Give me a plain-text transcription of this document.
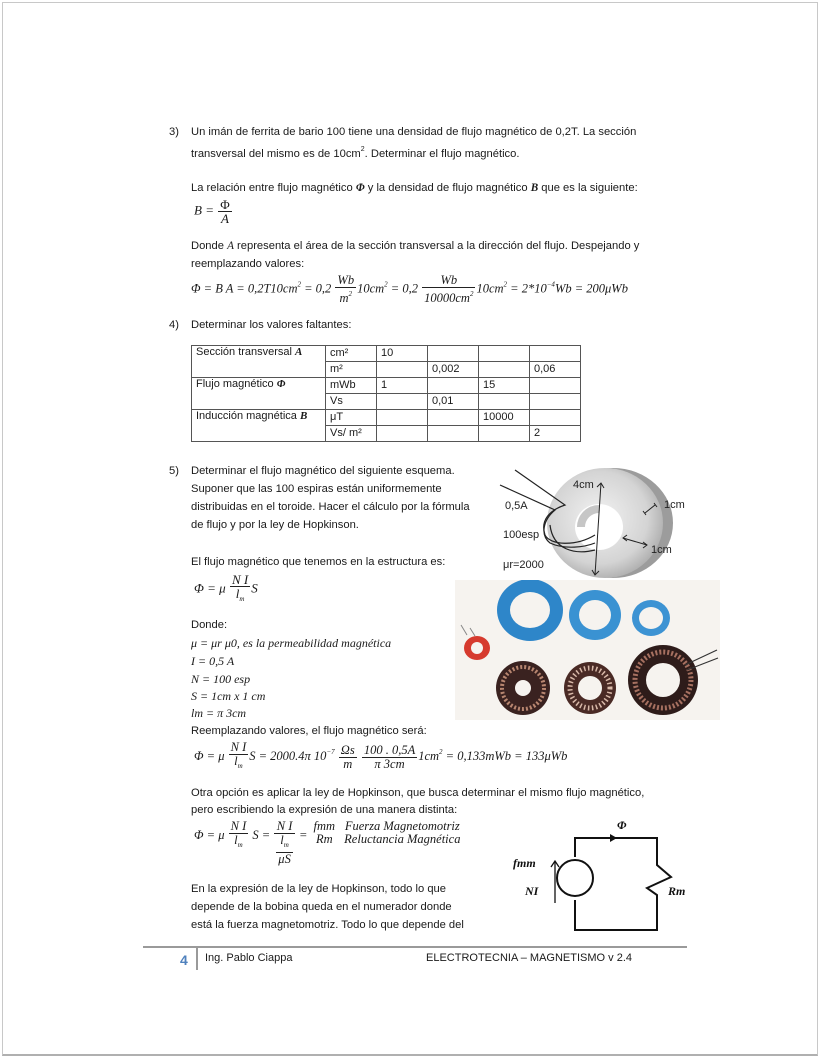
3) Un imán de ferrita de bario 100 tiene una densidad de flujo magnético de 0,2T. La sección
transversal del mismo es de $10cm^2$. Determinar el flujo magnético.
La relación entre flujo magnético Φ y la densidad de flujo magnético B que es la siguiente:
$B = \frac{\Phi}{A}$
Donde A representa el área de la sección transversal a la dirección del flujo. Despejando y
reemplazando valores:
Φ = B $A = 0,2T10cm^2 = 0,2 \frac{Wb}{m^2} 10cm^2 = 0,2 \frac{Wb}{10000cm^2} 10cm^2 = 2*10^{-4}Wb = 200\mu Wb$
4) Determinar los valores faltantes:
Sección transversal A	cm²	10			
	m²		0,002		0,06
Flujo magnético Φ	mWb	1		15	
	Vs		0,01		
Inducción magnética B	μT			10000	
	Vs/ m²				2
5) Determinar el flujo magnético del siguiente esquema.
Suponer que las 100 espiras están uniformemente
distribuidas en el toroide. Hacer el cálculo por la fórmula
de flujo y por la ley de Hopkinson.
El flujo magnético que tenemos en la estructura es:
Φ = μ $\frac{\text{N I}}{l_m}$ S
Donde:
μ = μr μ0, es la permeabilidad magnética
I = 0,5 A
N = 100 esp
S = 1cm x 1 cm
lm = π 3cm
Reemplazando valores, el flujo magnético será:
Φ = μ $\frac{\text{N I}}{l_m}$ S = 2000.4π $10^{-7} \frac{\Omega s}{m}$
$\frac{100 . 0,5A}{\pi 3cm} 1cm^2 = 0,133mWb = 133\mu Wb$
Otra opción es aplicar la ley de Hopkinson, que busca determinar el mismo flujo magnético,
pero escribiendo la expresión de una manera distinta:
Φ = μ $\frac{\text{N I}}{l_m}$ $S = \frac{\text{N I}}{\frac{l_m}{\mu S}}$ =
fmm
Rm

Fuerza Magnetomotriz
Reluctancia Magnética
En la expresión de la ley de Hopkinson, todo lo que
depende de la bobina queda en el numerador donde
está la fuerza magnetomotriz. Todo lo que depende del
4cm
1cm
1cm
0,5A
100esp
μr=2000
Φ
fmm
NI	Rm
4 Ing. Pablo Ciappa	ELECTROTECNIA – MAGNETISMO v 2.4
